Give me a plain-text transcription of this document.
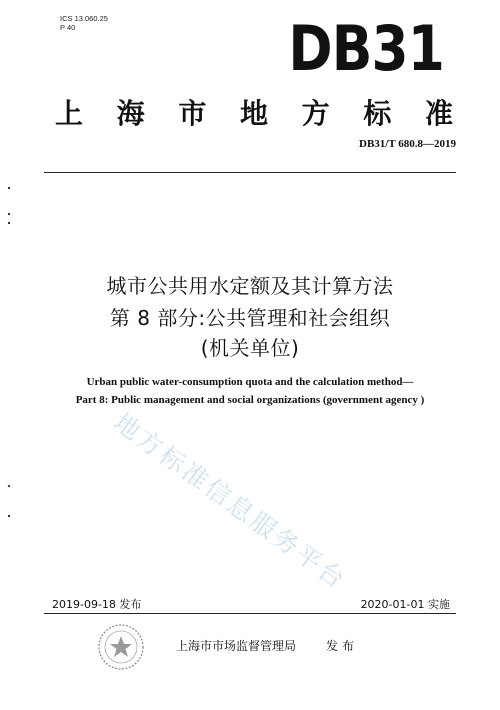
ICS 13.060.25
P 40	DB31
上 海 市 地 方 标 准
DB31/T 680.8—2019
城市公共用水定额及其计算方法
第 8 部分:公共管理和社会组织
(机关单位)
Urban public water-consumption quota and the calculation method—
Part 8: Public management and social organizations (government agency )
地方标准信息服务平台
2019-09-18 发布	2020-01-01 实施
上海市市场监督管理局 发布
